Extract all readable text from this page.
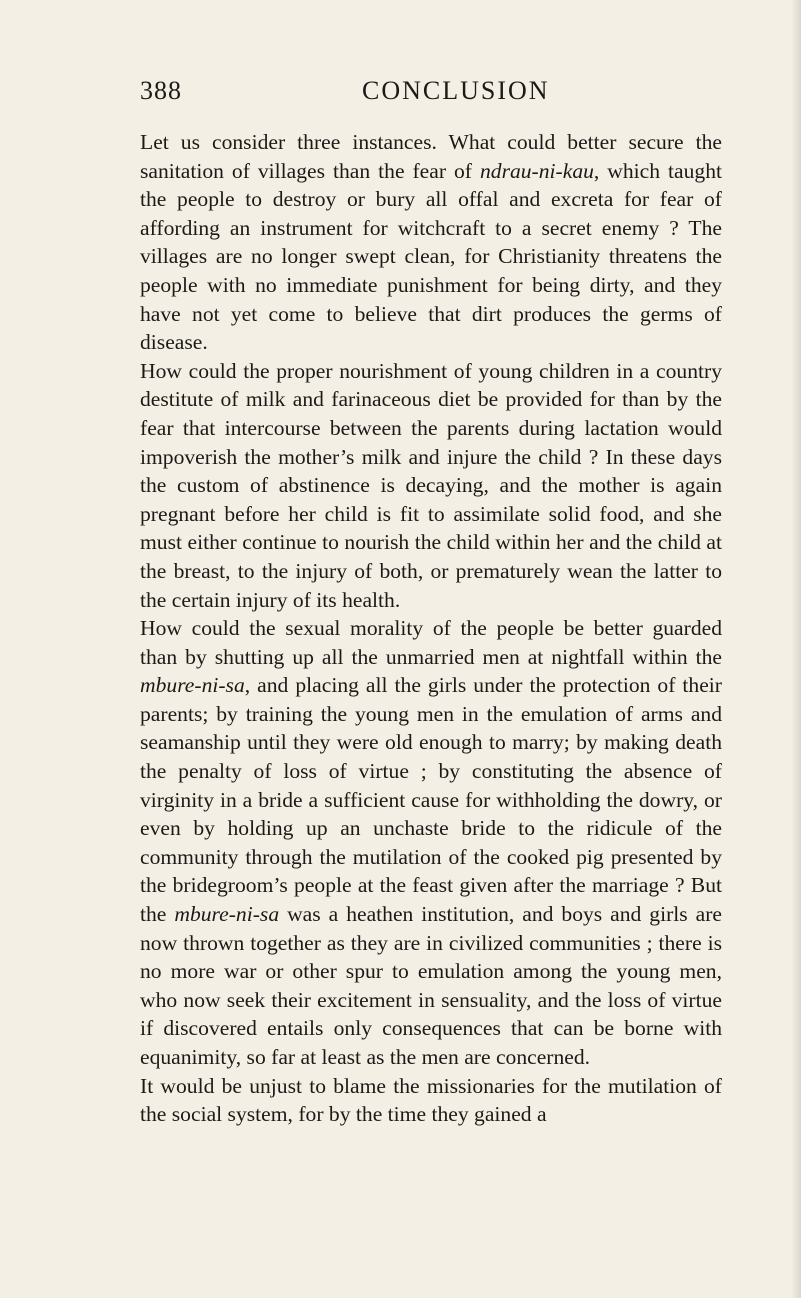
388	CONCLUSION

Let us consider three instances. What could better secure the sanitation of villages than the fear of ndrau-ni-kau, which taught the people to destroy or bury all offal and excreta for fear of affording an instrument for witchcraft to a secret enemy ? The villages are no longer swept clean, for Christianity threatens the people with no immediate punishment for being dirty, and they have not yet come to believe that dirt produces the germs of disease.

How could the proper nourishment of young children in a country destitute of milk and farinaceous diet be provided for than by the fear that intercourse between the parents during lactation would impoverish the mother’s milk and injure the child ? In these days the custom of abstinence is decaying, and the mother is again pregnant before her child is fit to assimilate solid food, and she must either continue to nourish the child within her and the child at the breast, to the injury of both, or prematurely wean the latter to the certain injury of its health.

How could the sexual morality of the people be better guarded than by shutting up all the unmarried men at nightfall within the mbure-ni-sa, and placing all the girls under the protection of their parents; by training the young men in the emulation of arms and seamanship until they were old enough to marry; by making death the penalty of loss of virtue ; by constituting the absence of virginity in a bride a sufficient cause for withholding the dowry, or even by holding up an unchaste bride to the ridicule of the community through the mutilation of the cooked pig presented by the bridegroom’s people at the feast given after the marriage ? But the mbure-ni-sa was a heathen institution, and boys and girls are now thrown together as they are in civilized communities ; there is no more war or other spur to emulation among the young men, who now seek their excitement in sensuality, and the loss of virtue if discovered entails only consequences that can be borne with equanimity, so far at least as the men are concerned.

It would be unjust to blame the missionaries for the mutilation of the social system, for by the time they gained a
